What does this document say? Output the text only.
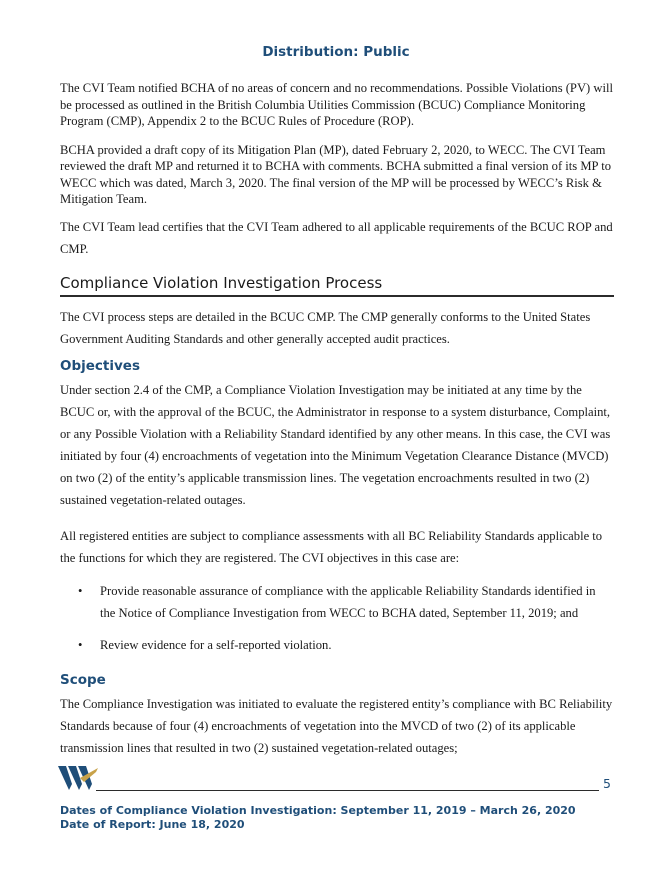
Distribution: Public

The CVI Team notified BCHA of no areas of concern and no recommendations. Possible Violations (PV) will be processed as outlined in the British Columbia Utilities Commission (BCUC) Compliance Monitoring Program (CMP), Appendix 2 to the BCUC Rules of Procedure (ROP).

BCHA provided a draft copy of its Mitigation Plan (MP), dated February 2, 2020, to WECC. The CVI Team reviewed the draft MP and returned it to BCHA with comments. BCHA submitted a final version of its MP to WECC which was dated, March 3, 2020. The final version of the MP will be processed by WECC’s Risk & Mitigation Team.

The CVI Team lead certifies that the CVI Team adhered to all applicable requirements of the BCUC ROP and CMP.

Compliance Violation Investigation Process

The CVI process steps are detailed in the BCUC CMP. The CMP generally conforms to the United States Government Auditing Standards and other generally accepted audit practices.

Objectives

Under section 2.4 of the CMP, a Compliance Violation Investigation may be initiated at any time by the BCUC or, with the approval of the BCUC, the Administrator in response to a system disturbance, Complaint, or any Possible Violation with a Reliability Standard identified by any other means. In this case, the CVI was initiated by four (4) encroachments of vegetation into the Minimum Vegetation Clearance Distance (MVCD) on two (2) of the entity’s applicable transmission lines. The vegetation encroachments resulted in two (2) sustained vegetation-related outages.

All registered entities are subject to compliance assessments with all BC Reliability Standards applicable to the functions for which they are registered. The CVI objectives in this case are:

• Provide reasonable assurance of compliance with the applicable Reliability Standards identified in the Notice of Compliance Investigation from WECC to BCHA dated, September 11, 2019; and
• Review evidence for a self-reported violation.
Scope

The Compliance Investigation was initiated to evaluate the registered entity’s compliance with BC Reliability Standards because of four (4) encroachments of vegetation into the MVCD of two (2) of its applicable transmission lines that resulted in two (2) sustained vegetation-related outages;

5
Dates of Compliance Violation Investigation: September 11, 2019 – March 26, 2020
Date of Report: June 18, 2020
